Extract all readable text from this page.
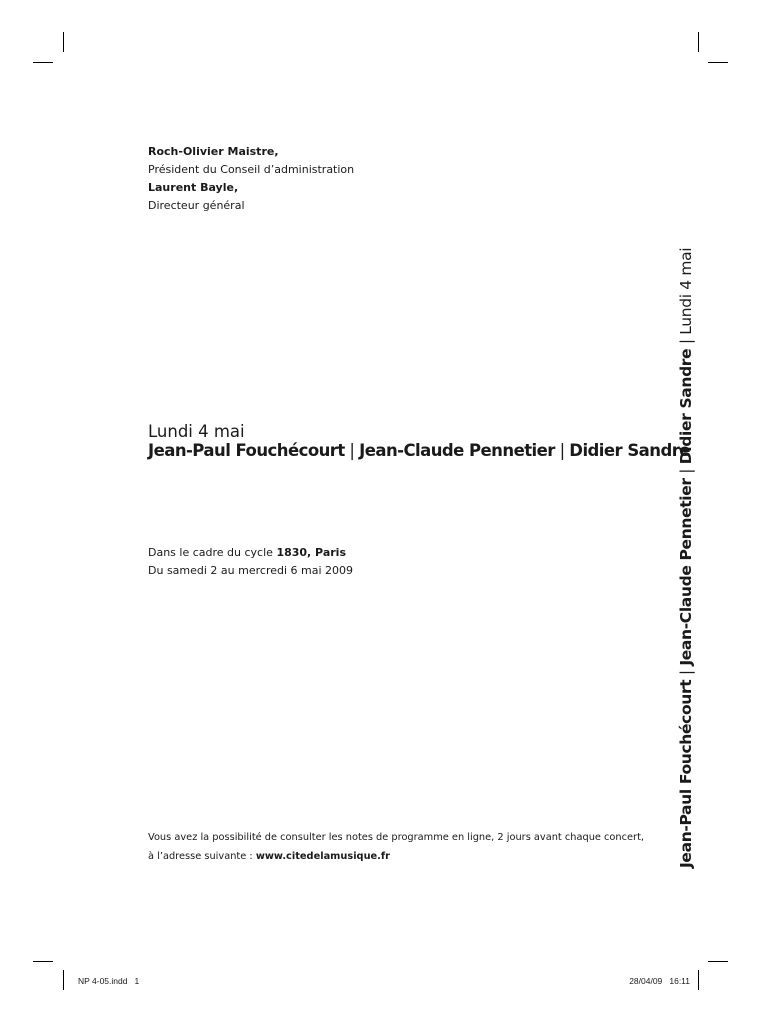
Roch-Olivier Maistre,
Président du Conseil d’administration
Laurent Bayle,
Directeur général
Lundi 4 mai
Jean-Paul Fouchécourt | Jean-Claude Pennetier | Didier Sandre
Dans le cadre du cycle 1830, Paris
Du samedi 2 au mercredi 6 mai 2009
Vous avez la possibilité de consulter les notes de programme en ligne, 2 jours avant chaque concert,
à l’adresse suivante : www.citedelamusique.fr	Jean-Paul Fouchécourt | Jean-Claude Pennetier | Didier Sandre | Lundi 4 mai
NP 4-05.indd   1	28/04/09   16:11
